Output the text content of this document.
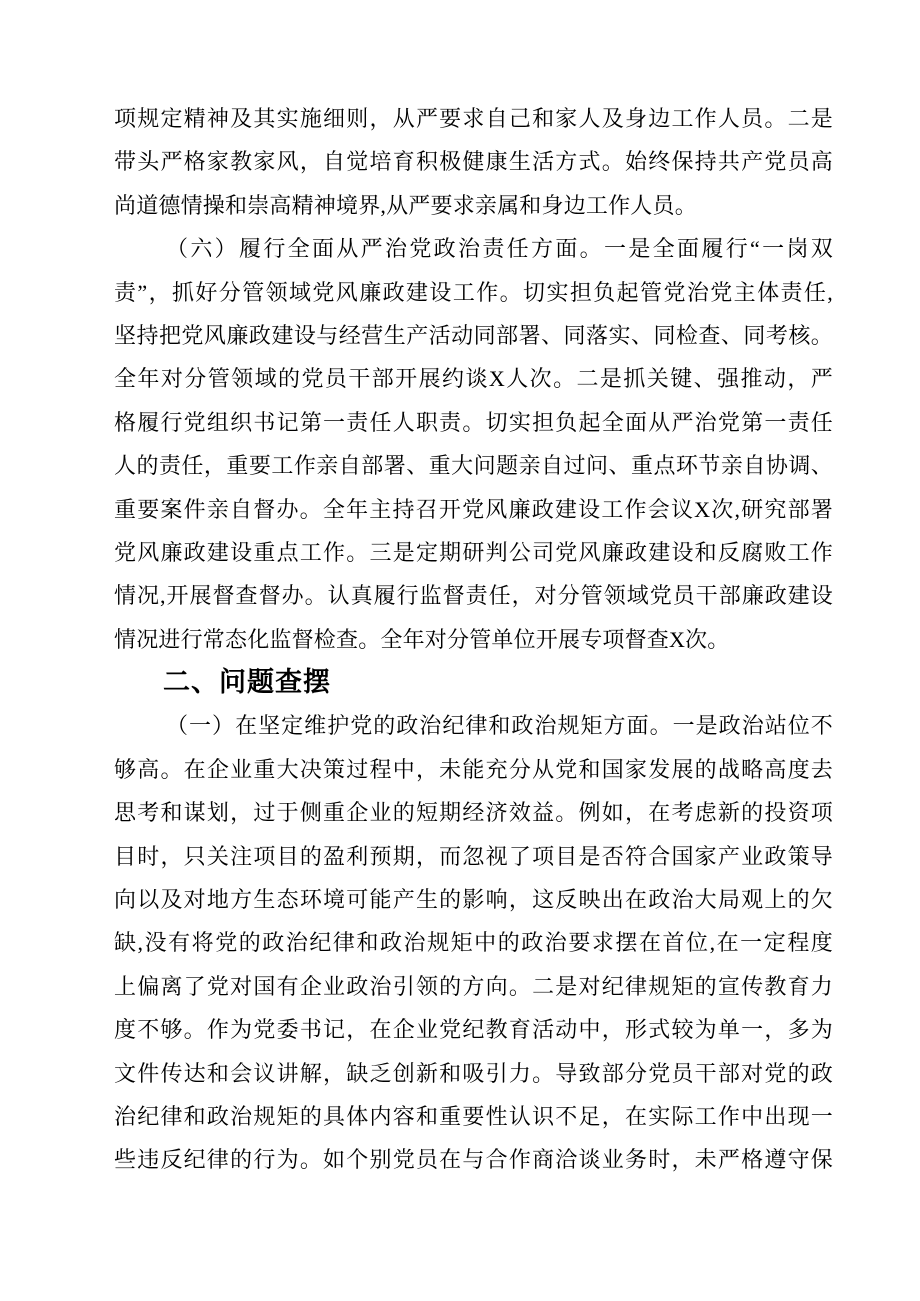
项规定精神及其实施细则，从严要求自己和家人及身边工作人员。二是
带头严格家教家风，自觉培育积极健康生活方式。始终保持共产党员高
尚道德情操和崇高精神境界,从严要求亲属和身边工作人员。
（六）履行全面从严治党政治责任方面。一是全面履行“一岗双
责”，抓好分管领域党风廉政建设工作。切实担负起管党治党主体责任,
坚持把党风廉政建设与经营生产活动同部署、同落实、同检查、同考核。
全年对分管领域的党员干部开展约谈X人次。二是抓关键、强推动，严
格履行党组织书记第一责任人职责。切实担负起全面从严治党第一责任
人的责任，重要工作亲自部署、重大问题亲自过问、重点环节亲自协调、
重要案件亲自督办。全年主持召开党风廉政建设工作会议X次,研究部署
党风廉政建设重点工作。三是定期研判公司党风廉政建设和反腐败工作
情况,开展督查督办。认真履行监督责任，对分管领域党员干部廉政建设
情况进行常态化监督检查。全年对分管单位开展专项督查X次。
二、问题查摆
（一）在坚定维护党的政治纪律和政治规矩方面。一是政治站位不
够高。在企业重大决策过程中，未能充分从党和国家发展的战略高度去
思考和谋划，过于侧重企业的短期经济效益。例如，在考虑新的投资项
目时，只关注项目的盈利预期，而忽视了项目是否符合国家产业政策导
向以及对地方生态环境可能产生的影响，这反映出在政治大局观上的欠
缺,没有将党的政治纪律和政治规矩中的政治要求摆在首位,在一定程度
上偏离了党对国有企业政治引领的方向。二是对纪律规矩的宣传教育力
度不够。作为党委书记，在企业党纪教育活动中，形式较为单一，多为
文件传达和会议讲解，缺乏创新和吸引力。导致部分党员干部对党的政
治纪律和政治规矩的具体内容和重要性认识不足，在实际工作中出现一
些违反纪律的行为。如个别党员在与合作商洽谈业务时，未严格遵守保
